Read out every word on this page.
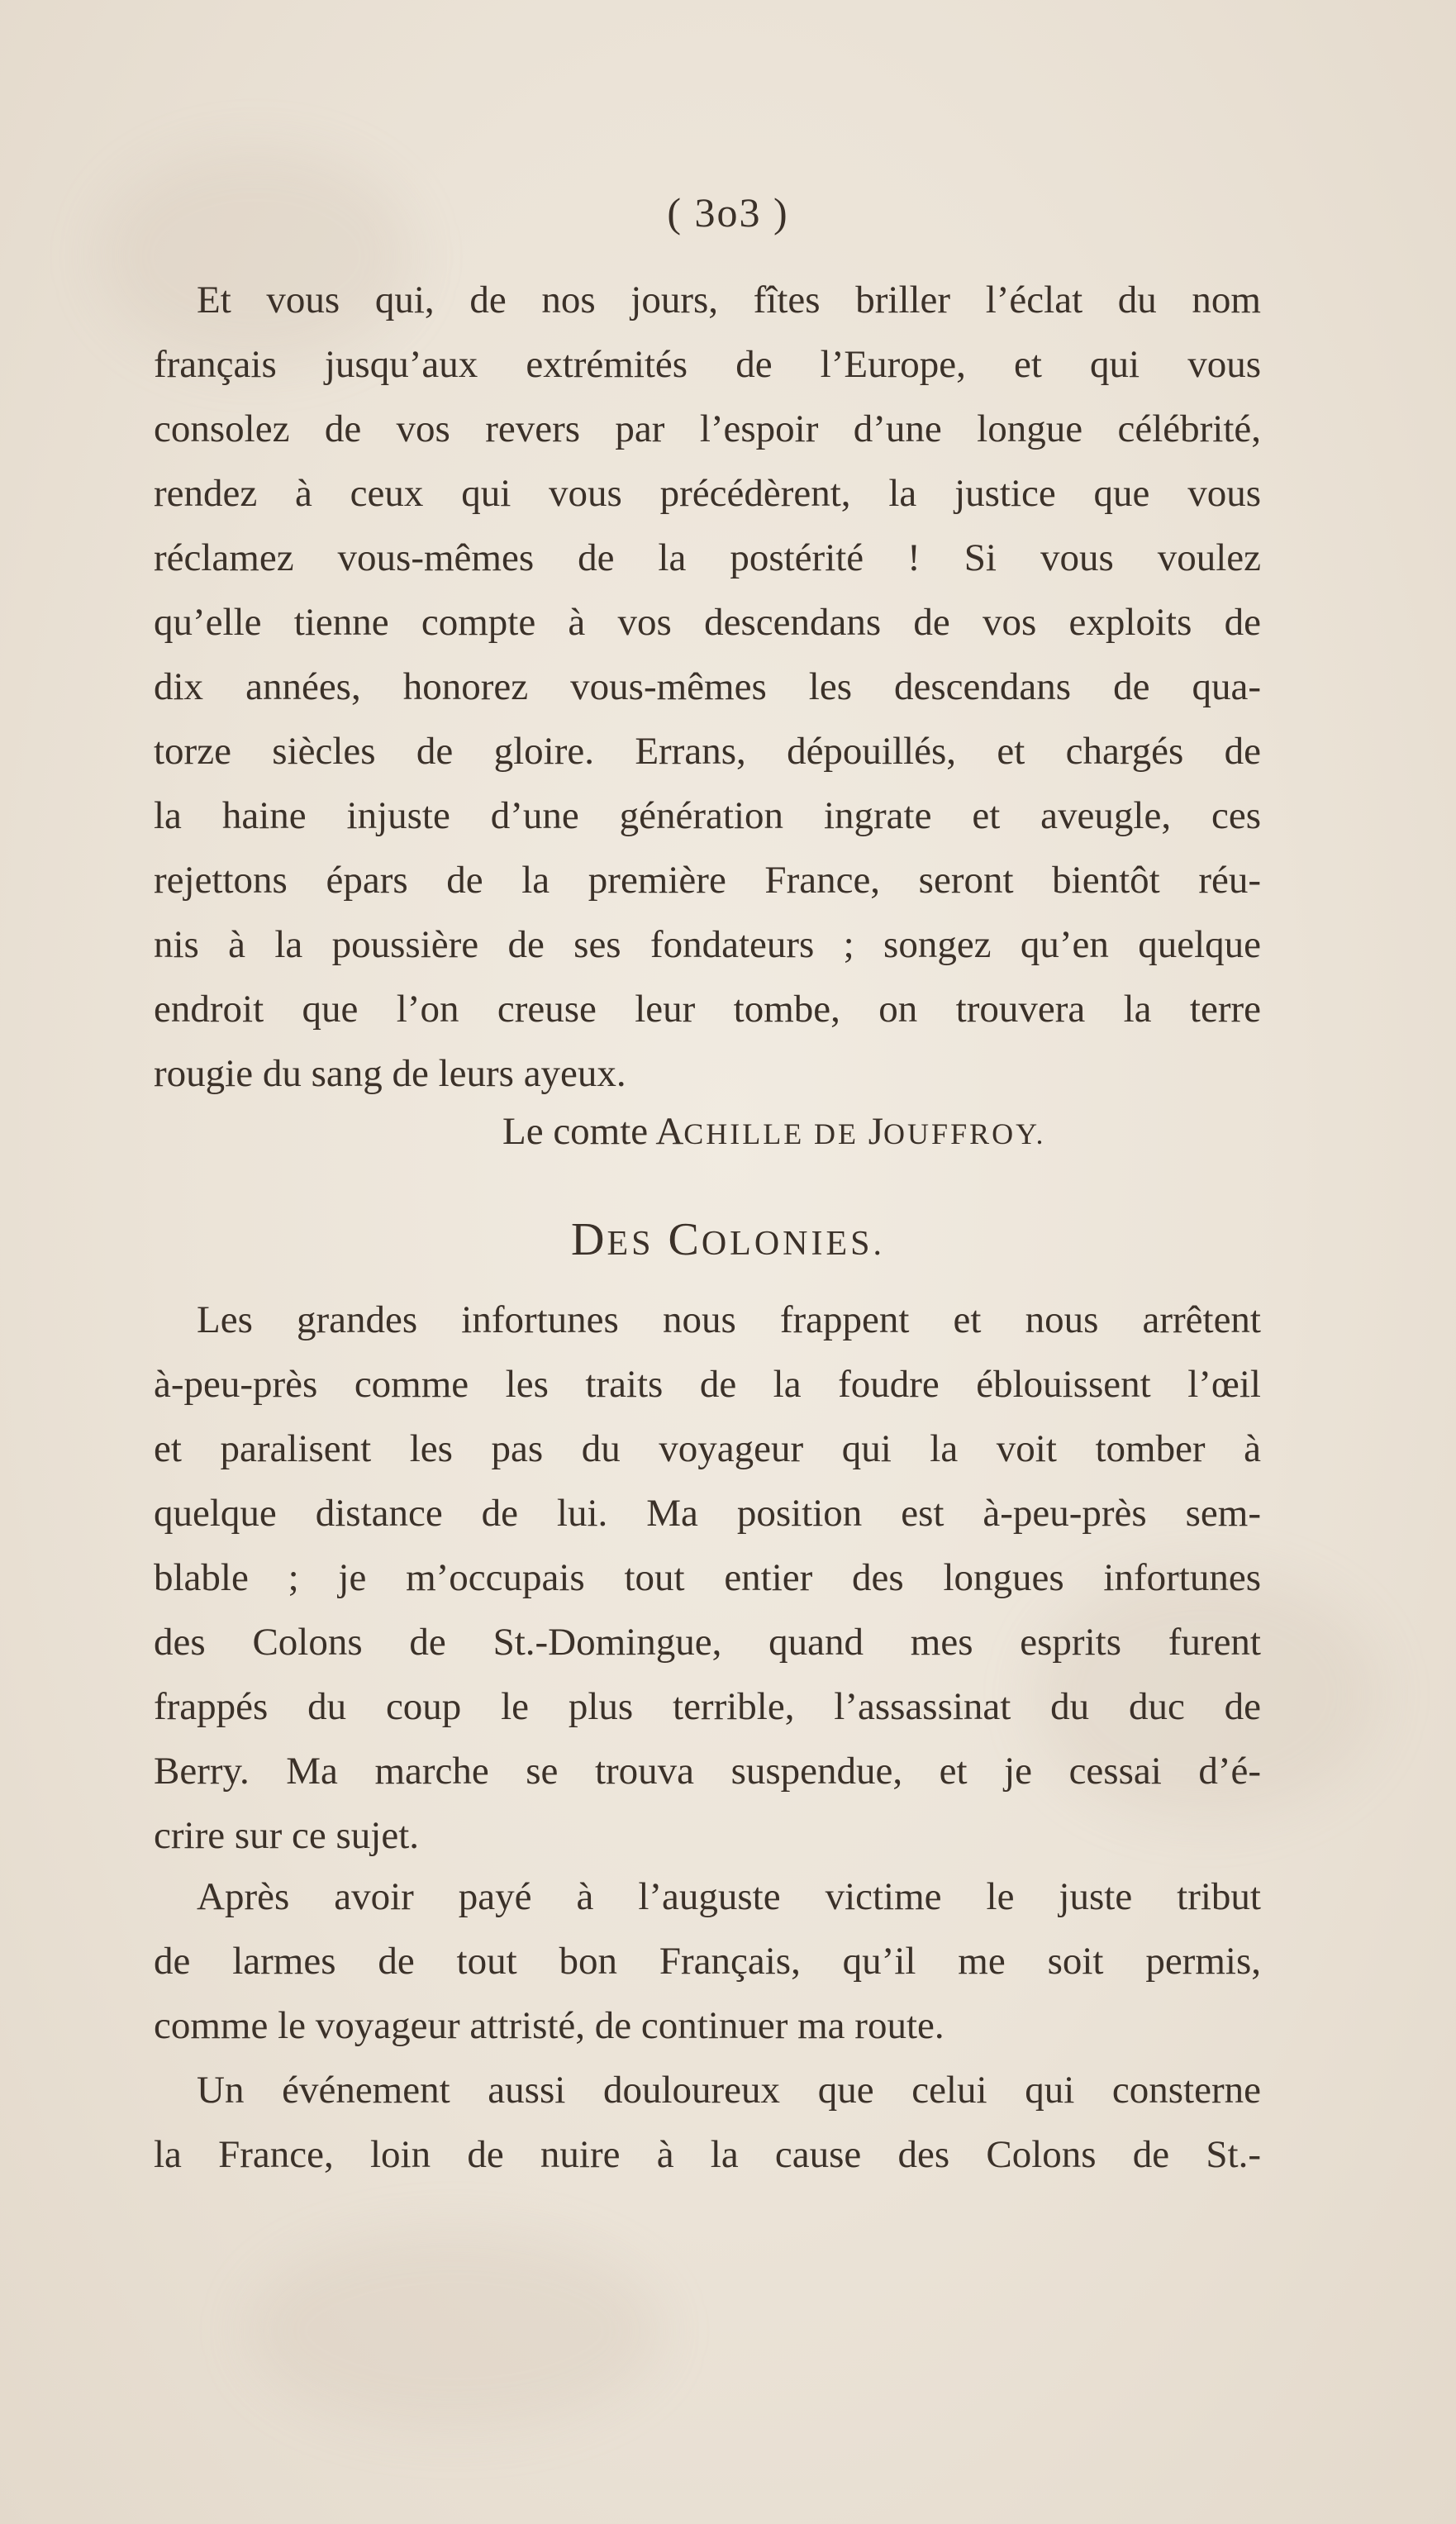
( 3o3 )
Et vous qui, de nos jours, fîtes briller l’éclat du nom
français jusqu’aux extrémités de l’Europe, et qui vous
consolez de vos revers par l’espoir d’une longue célébrité,
rendez à ceux qui vous précédèrent, la justice que vous
réclamez vous-mêmes de la postérité ! Si vous voulez
qu’elle tienne compte à vos descendans de vos exploits de
dix années, honorez vous-mêmes les descendans de qua-
torze siècles de gloire. Errans, dépouillés, et chargés de
la haine injuste d’une génération ingrate et aveugle, ces
rejettons épars de la première France, seront bientôt réu-
nis à la poussière de ses fondateurs ; songez qu’en quelque
endroit que l’on creuse leur tombe, on trouvera la terre
rougie du sang de leurs ayeux.
Le comte ACHILLE DE JOUFFROY.
DES COLONIES.
Les grandes infortunes nous frappent et nous arrêtent
à-peu-près comme les traits de la foudre éblouissent l’œil
et paralisent les pas du voyageur qui la voit tomber à
quelque distance de lui. Ma position est à-peu-près sem-
blable ; je m’occupais tout entier des longues infortunes
des Colons de St.-Domingue, quand mes esprits furent
frappés du coup le plus terrible, l’assassinat du duc de
Berry. Ma marche se trouva suspendue, et je cessai d’é-
crire sur ce sujet.
Après avoir payé à l’auguste victime le juste tribut
de larmes de tout bon Français, qu’il me soit permis,
comme le voyageur attristé, de continuer ma route.
Un événement aussi douloureux que celui qui consterne
la France, loin de nuire à la cause des Colons de St.-
